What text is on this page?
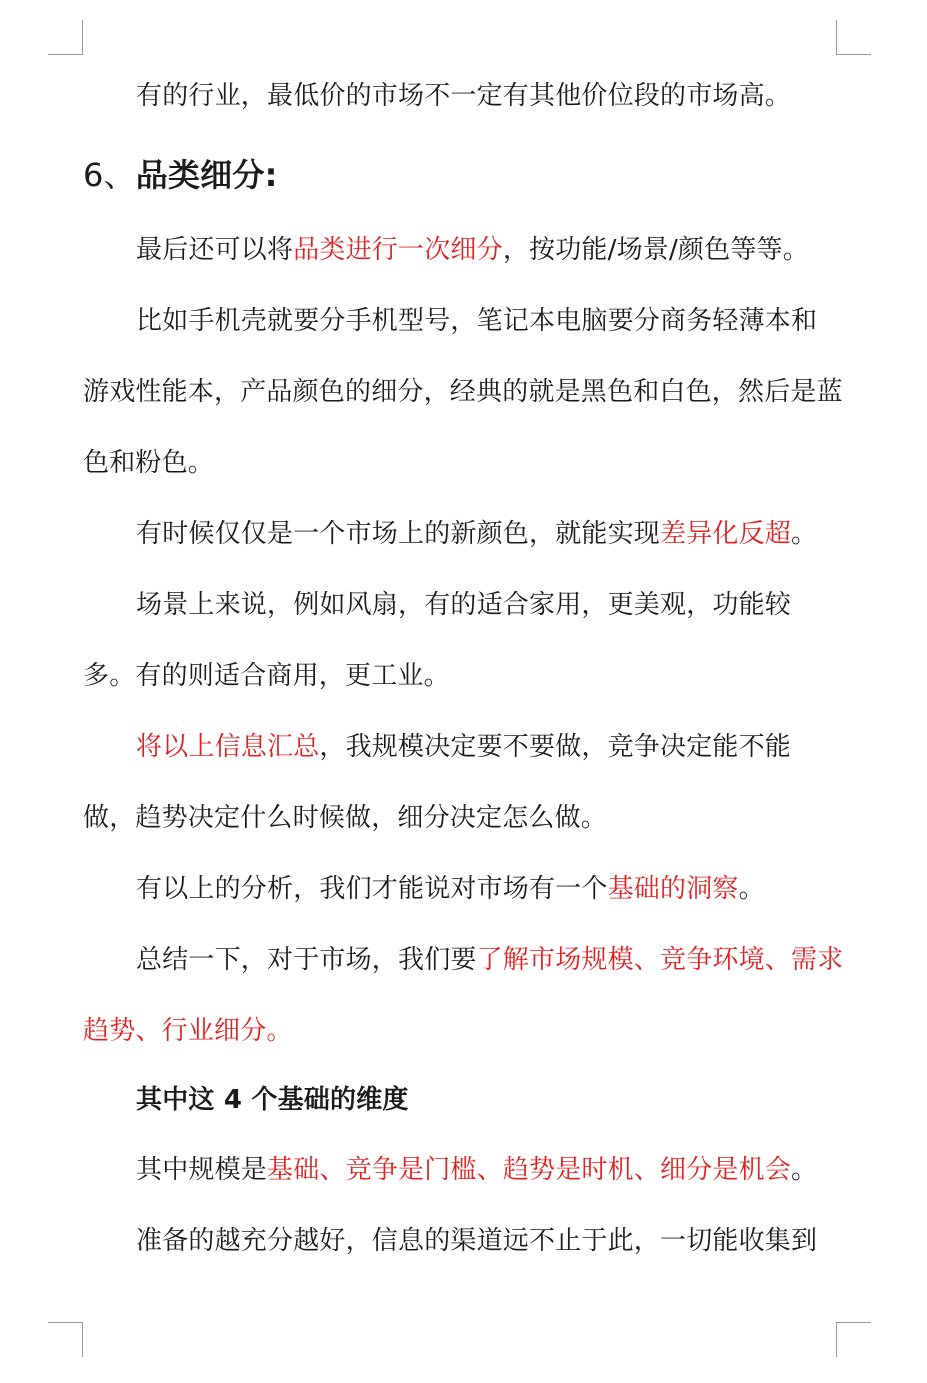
有的行业，最低价的市场不一定有其他价位段的市场高。
6、品类细分:
最后还可以将品类进行一次细分，按功能/场景/颜色等等。
比如手机壳就要分手机型号，笔记本电脑要分商务轻薄本和
游戏性能本，产品颜色的细分，经典的就是黑色和白色，然后是蓝
色和粉色。
有时候仅仅是一个市场上的新颜色，就能实现差异化反超。
场景上来说，例如风扇，有的适合家用，更美观，功能较
多。有的则适合商用，更工业。
将以上信息汇总，我规模决定要不要做，竞争决定能不能
做，趋势决定什么时候做，细分决定怎么做。
有以上的分析，我们才能说对市场有一个基础的洞察。
总结一下，对于市场，我们要了解市场规模、竞争环境、需求
趋势、行业细分。
其中这 4 个基础的维度
其中规模是基础、竞争是门槛、趋势是时机、细分是机会。
准备的越充分越好，信息的渠道远不止于此，一切能收集到
